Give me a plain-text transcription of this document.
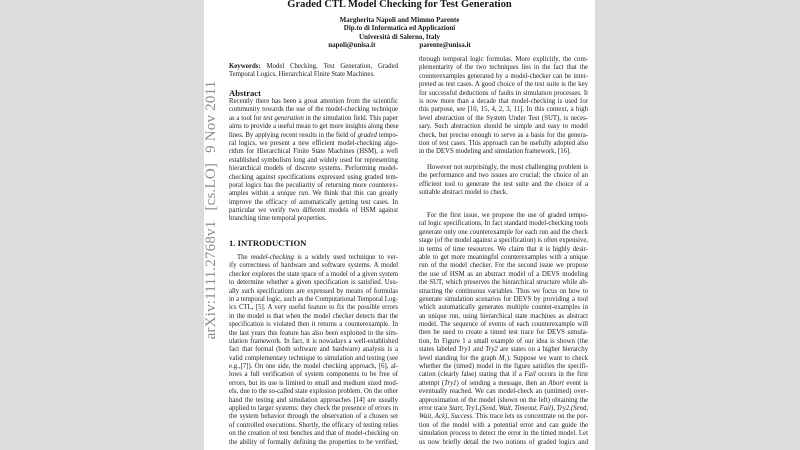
Graded CTL Model Checking for Test Generation
Margherita Napoli and Mimmo Parente
Dip.to di Informatica ed Applicazioni
Università di Salerno, Italy
napoli@unisa.it	parente@unisa.it
Keywords: Model Checking, Test Generation, Graded
Temporal Logics, Hierarchical Finite State Machines.
Abstract
Recently there has been a great attention from the scientific
community towards the use of the model-checking technique
as a tool for test generation in the simulation field. This paper
aims to provide a useful mean to get more insights along these
lines. By applying recent results in the field of graded tempo-
ral logics, we present a new efficient model-checking algo-
rithm for Hierarchical Finite State Machines (HSM), a well
established symbolism long and widely used for representing
hierarchical models of discrete systems. Performing model-
checking against specifications expressed using graded tem-
poral logics has the peculiarity of returning more counterex-
amples within a unique run. We think that this can greatly
improve the efficacy of automatically getting test cases. In
particular we verify two different models of HSM against
branching time temporal properties.
1. INTRODUCTION
The model-checking is a widely used technique to ver-
ify correctness of hardware and software systems. A model
checker explores the state space of a model of a given system
to determine whether a given specification is satisfied. Usu-
ally such specifications are expressed by means of formulas
in a temporal logic, such as the Computational Temporal Log-
ics CTL, [5]. A very useful feature to fix the possible errors
in the model is that when the model checker detects that the
specification is violated then it returns a counterexample. In
the last years this feature has also been exploited in the sim-
ulation framework. In fact, it is nowadays a well-established
fact that formal (both software and hardware) analysis is a
valid complementary technique to simulation and testing (see
e.g.,[7]). On one side, the model checking approach, [6], al-
lows a full verification of system components to be free of
errors, but its use is limited to small and medium sized mod-
els, due to the so-called state explosion problem. On the other
hand the testing and simulation approaches [14] are usually
applied to larger systems: they check the presence of errors in
the system behavior through the observation of a chosen set
of controlled executions. Shortly, the efficacy of testing relies
on the creation of test benches and that of model-checking on
the ability of formally defining the properties to be verified,
through temporal logic formulas. More explicitly, the com-
plementarity of the two techniques lies in the fact that the
counterexamples generated by a model-checker can be inter-
preted as test cases. A good choice of the test suite is the key
for successful deductions of faults in simulation processes. It
is now more than a decade that model-checking is used for
this purpose, see [10, 15, 4, 2, 3, 11]. In this context, a high
level abstraction of the System Under Test (SUT), is neces-
sary. Such abstraction should be simple and easy to model
check, but precise enough to serve as a basis for the genera-
tion of test cases. This approach can be usefully adopted also
in the DEVS modeling and simulation framework, [16].
However not surprisingly, the most challenging problem is
the performance and two issues are crucial: the choice of an
efficient tool to generate the test suite and the choice of a
suitable abstract model to check.
For the first issue, we propose the use of graded tempo-
ral logic specifications. In fact standard model-checking tools
generate only one counterexample for each run and the check
stage (of the model against a specification) is often expensive,
in terms of time resources. We claim that it is highly desir-
able to get more meaningful counterexamples with a unique
run of the model checker. For the second issue we propose
the use of HSM as an abstract model of a DEVS modeling
the SUT, which preserves the hierarchical structure while ab-
stracting the continuous variables. Thus we focus on how to
generate simulation scenarios for DEVS by providing a tool
which automatically generates multiple counter-examples in
an unique run, using hierarchical state machines as abstract
model. The sequence of events of each counterexample will
then be used to create a timed test trace for DEVS simula-
tion. In Figure 1 a small example of our idea is shown (the
states labeled Try1 and Try2 are states on a higher hierarchy
level standing for the graph M₁). Suppose we want to check
whether the (timed) model in the figure satisfies the specifi-
cation (clearly false) stating that if a Fail occurs in the first
attempt (Try1) of sending a message, then an Abort event is
eventually reached. We can model-check an (untimed) over-
approximation of the model (shown on the left) obtaining the
error trace Start, Try1.(Send, Wait, Timeout, Fail), Try2.(Send,
Wait, Ack), Success. This trace lets us concentrate on the por-
tion of the model with a potential error and can guide the
simulation process to detect the error in the timed model. Let
us now briefly detail the two notions of graded logics and
arXiv:1111.2768v1[cs.LO]9 Nov 2011
